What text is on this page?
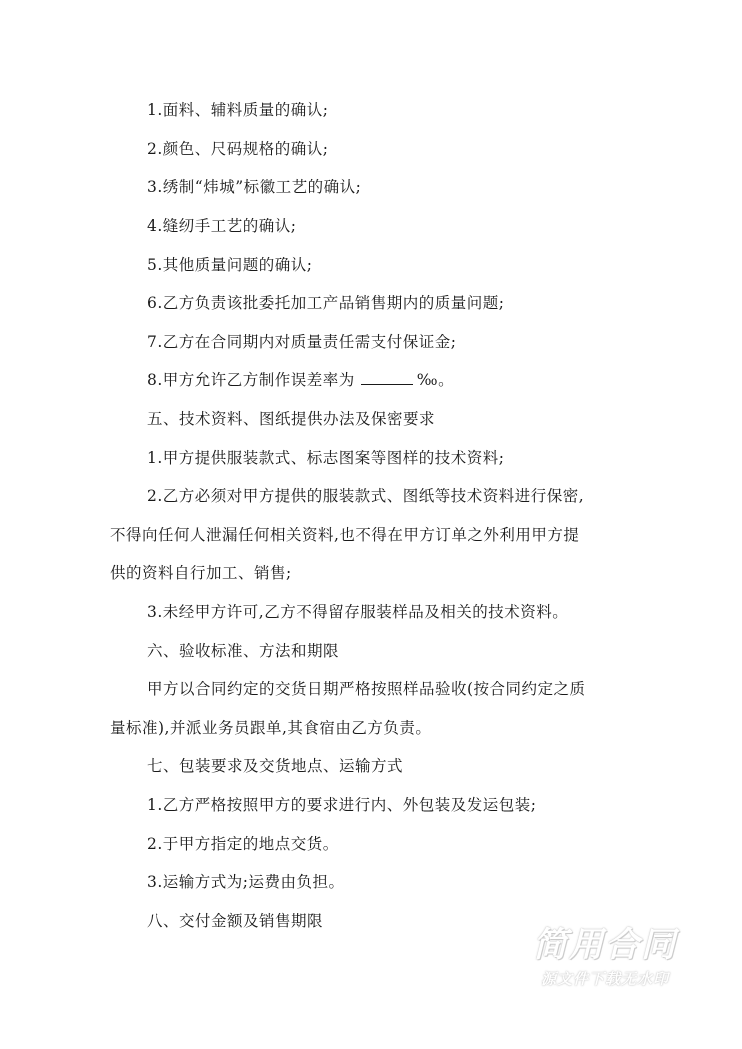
1.面料、辅料质量的确认;
2.颜色、尺码规格的确认;
3.绣制“炜城”标徽工艺的确认;
4.缝纫手工艺的确认;
5.其他质量问题的确认;
6.乙方负责该批委托加工产品销售期内的质量问题;
7.乙方在合同期内对质量责任需支付保证金;
8.甲方允许乙方制作误差率为	‰。
五、技术资料、图纸提供办法及保密要求
1.甲方提供服装款式、标志图案等图样的技术资料;
2.乙方必须对甲方提供的服装款式、图纸等技术资料进行保密,
不得向任何人泄漏任何相关资料,也不得在甲方订单之外利用甲方提
供的资料自行加工、销售;
3.未经甲方许可,乙方不得留存服装样品及相关的技术资料。
六、验收标准、方法和期限
甲方以合同约定的交货日期严格按照样品验收(按合同约定之质
量标准),并派业务员跟单,其食宿由乙方负责。
七、包装要求及交货地点、运输方式
1.乙方严格按照甲方的要求进行内、外包装及发运包装;
2.于甲方指定的地点交货。
3.运输方式为;运费由负担。
八、交付金额及销售期限
简用合同
源文件下载无水印
